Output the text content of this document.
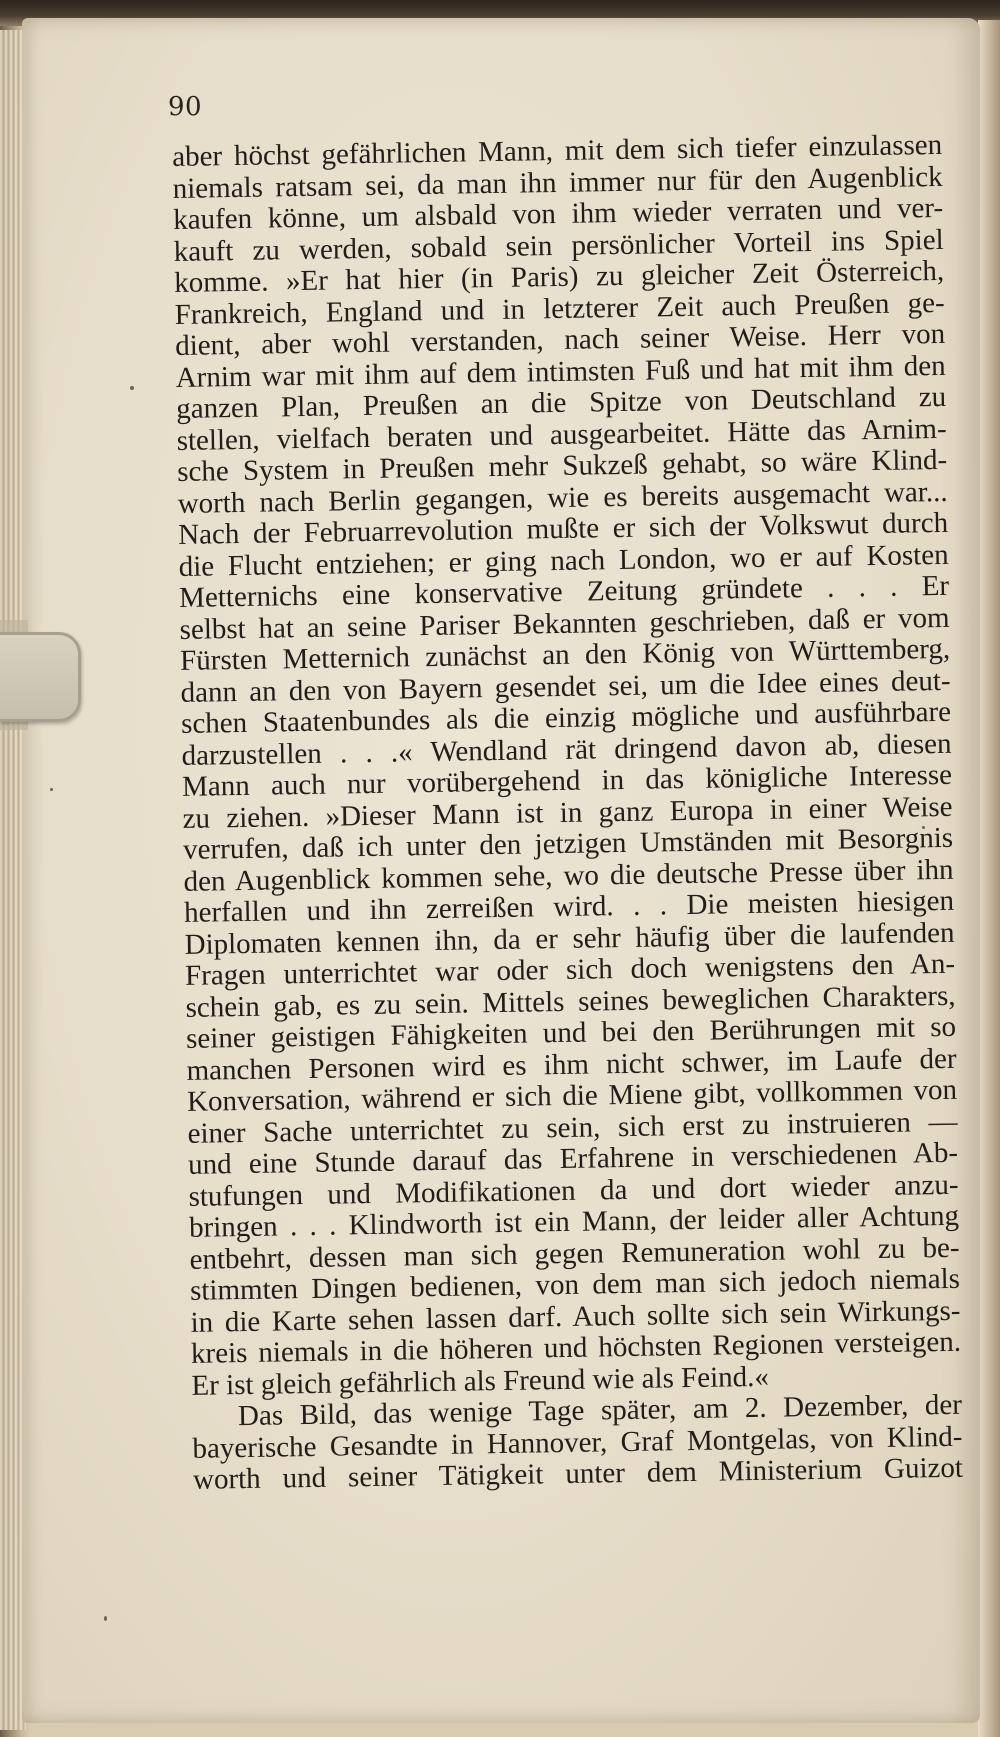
90
aber höchst gefährlichen Mann, mit dem sich tiefer einzulassen
niemals ratsam sei, da man ihn immer nur für den Augenblick
kaufen könne, um alsbald von ihm wieder verraten und ver-
kauft zu werden, sobald sein persönlicher Vorteil ins Spiel
komme. »Er hat hier (in Paris) zu gleicher Zeit Österreich,
Frankreich, England und in letzterer Zeit auch Preußen ge-
dient, aber wohl verstanden, nach seiner Weise. Herr von
Arnim war mit ihm auf dem intimsten Fuß und hat mit ihm den
ganzen Plan, Preußen an die Spitze von Deutschland zu
stellen, vielfach beraten und ausgearbeitet. Hätte das Arnim-
sche System in Preußen mehr Sukzeß gehabt, so wäre Klind-
worth nach Berlin gegangen, wie es bereits ausgemacht war...
Nach der Februarrevolution mußte er sich der Volkswut durch
die Flucht entziehen; er ging nach London, wo er auf Kosten
Metternichs eine konservative Zeitung gründete . . . Er
selbst hat an seine Pariser Bekannten geschrieben, daß er vom
Fürsten Metternich zunächst an den König von Württemberg,
dann an den von Bayern gesendet sei, um die Idee eines deut-
schen Staatenbundes als die einzig mögliche und ausführbare
darzustellen . . .« Wendland rät dringend davon ab, diesen
Mann auch nur vorübergehend in das königliche Interesse
zu ziehen. »Dieser Mann ist in ganz Europa in einer Weise
verrufen, daß ich unter den jetzigen Umständen mit Besorgnis
den Augenblick kommen sehe, wo die deutsche Presse über ihn
herfallen und ihn zerreißen wird. . . Die meisten hiesigen
Diplomaten kennen ihn, da er sehr häufig über die laufenden
Fragen unterrichtet war oder sich doch wenigstens den An-
schein gab, es zu sein. Mittels seines beweglichen Charakters,
seiner geistigen Fähigkeiten und bei den Berührungen mit so
manchen Personen wird es ihm nicht schwer, im Laufe der
Konversation, während er sich die Miene gibt, vollkommen von
einer Sache unterrichtet zu sein, sich erst zu instruieren —
und eine Stunde darauf das Erfahrene in verschiedenen Ab-
stufungen und Modifikationen da und dort wieder anzu-
bringen . . . Klindworth ist ein Mann, der leider aller Achtung
entbehrt, dessen man sich gegen Remuneration wohl zu be-
stimmten Dingen bedienen, von dem man sich jedoch niemals
in die Karte sehen lassen darf. Auch sollte sich sein Wirkungs-
kreis niemals in die höheren und höchsten Regionen versteigen.
Er ist gleich gefährlich als Freund wie als Feind.«
Das Bild, das wenige Tage später, am 2. Dezember, der
bayerische Gesandte in Hannover, Graf Montgelas, von Klind-
worth und seiner Tätigkeit unter dem Ministerium Guizot
